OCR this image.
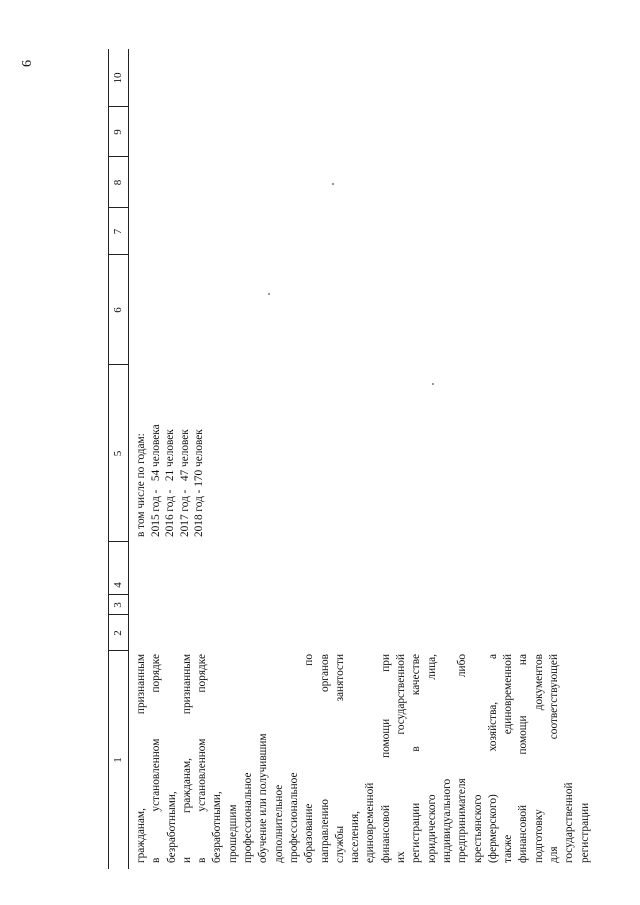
6
1
2
3
4
5
6
7
8
9
10
гражданам, признанным в установленном порядке безработными, и гражданам, признанным в установленном порядке безработными, прошедшим профессиональное обучение или получившим дополнительное профессиональное образование по направлению органов службы занятости населения, единовременной финансовой помощи при их государственной регистрации в качестве юридического лица, индивидуального предпринимателя либо крестьянского (фермерского) хозяйства, а также единовременной финансовой помощи на подготовку документов для соответствующей государственной регистрации
в том числе по годам: 2015 год -   54 человека 2016 год -   21 человек 2017 год -   47 человек 2018 год - 170 человек
